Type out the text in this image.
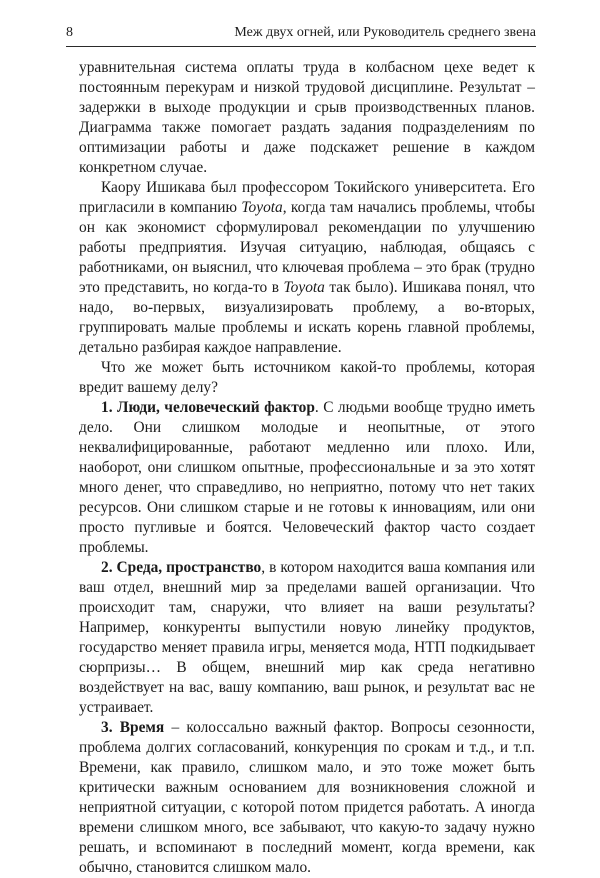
8	Меж двух огней, или Руководитель среднего звена

уравнительная система оплаты труда в колбасном цехе ведет к постоянным перекурам и низкой трудовой дисциплине. Результат – задержки в выходе продукции и срыв производственных планов. Диаграмма также помогает раздать задания подразделениям по оптимизации работы и даже подскажет решение в каждом конкретном случае.

Каору Ишикава был профессором Токийского университета. Его пригласили в компанию Toyota, когда там начались проблемы, чтобы он как экономист сформулировал рекомендации по улучшению работы предприятия. Изучая ситуацию, наблюдая, общаясь с работниками, он выяснил, что ключевая проблема – это брак (трудно это представить, но когда-то в Toyota так было). Ишикава понял, что надо, во-первых, визуализировать проблему, а во-вторых, группировать малые проблемы и искать корень главной проблемы, детально разбирая каждое направление.

Что же может быть источником какой-то проблемы, которая вредит вашему делу?

1. Люди, человеческий фактор. С людьми вообще трудно иметь дело. Они слишком молодые и неопытные, от этого неквалифицированные, работают медленно или плохо. Или, наоборот, они слишком опытные, профессиональные и за это хотят много денег, что справедливо, но неприятно, потому что нет таких ресурсов. Они слишком старые и не готовы к инновациям, или они просто пугливые и боятся. Человеческий фактор часто создает проблемы.

2. Среда, пространство, в котором находится ваша компания или ваш отдел, внешний мир за пределами вашей организации. Что происходит там, снаружи, что влияет на ваши результаты? Например, конкуренты выпустили новую линейку продуктов, государство меняет правила игры, меняется мода, НТП подкидывает сюрпризы… В общем, внешний мир как среда негативно воздействует на вас, вашу компанию, ваш рынок, и результат вас не устраивает.

3. Время – колоссально важный фактор. Вопросы сезонности, проблема долгих согласований, конкуренция по срокам и т.д., и т.п. Времени, как правило, слишком мало, и это тоже может быть критически важным основанием для возникновения сложной и неприятной ситуации, с которой потом придется работать. А иногда времени слишком много, все забывают, что какую-то задачу нужно решать, и вспоминают в последний момент, когда времени, как обычно, становится слишком мало.
